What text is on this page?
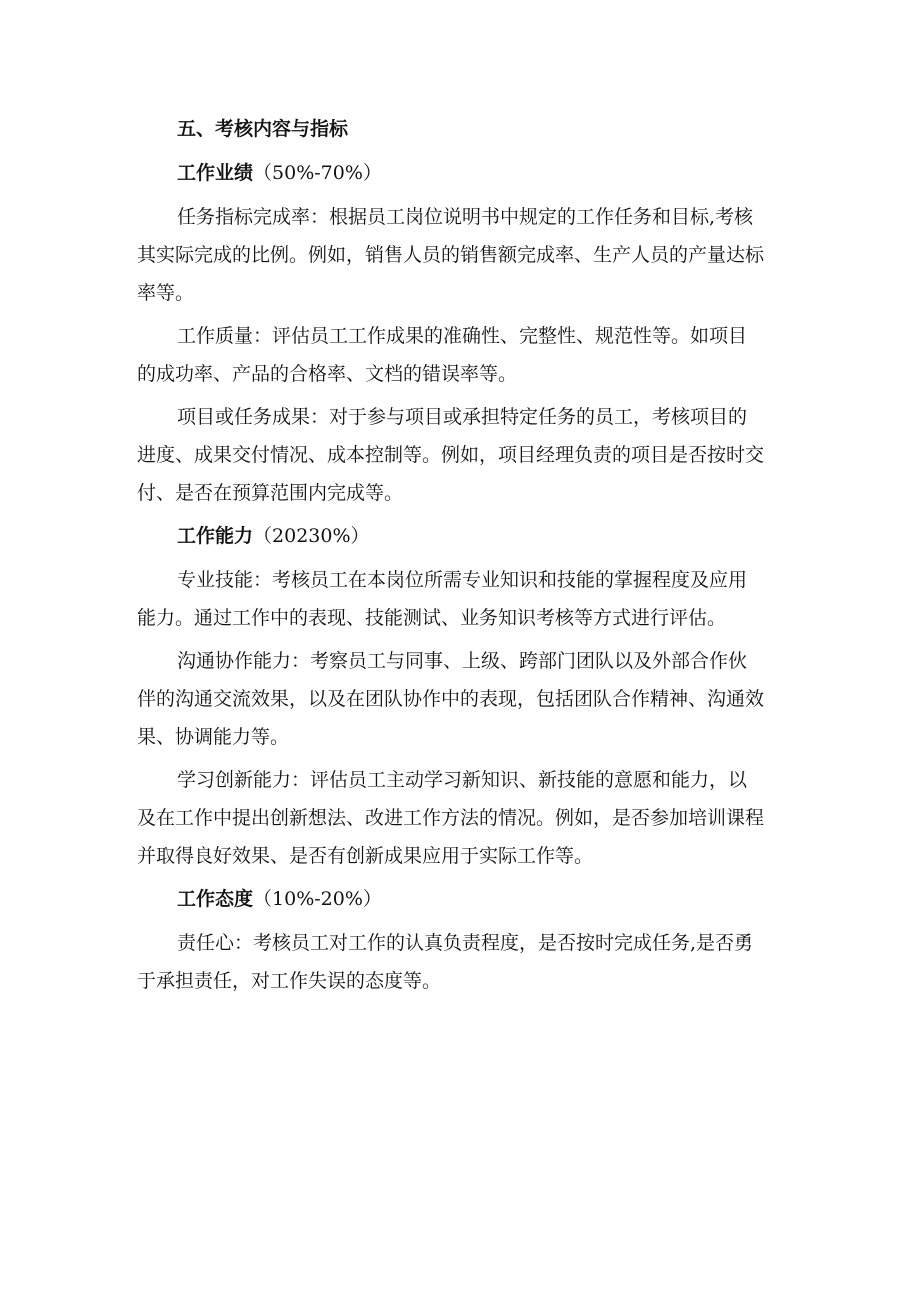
五、考核内容与指标
工作业绩（50%-70%）
任务指标完成率：根据员工岗位说明书中规定的工作任务和目标,考核
其实际完成的比例。例如，销售人员的销售额完成率、生产人员的产量达标
率等。
工作质量：评估员工工作成果的准确性、完整性、规范性等。如项目
的成功率、产品的合格率、文档的错误率等。
项目或任务成果：对于参与项目或承担特定任务的员工，考核项目的
进度、成果交付情况、成本控制等。例如，项目经理负责的项目是否按时交
付、是否在预算范围内完成等。
工作能力（20230%）
专业技能：考核员工在本岗位所需专业知识和技能的掌握程度及应用
能力。通过工作中的表现、技能测试、业务知识考核等方式进行评估。
沟通协作能力：考察员工与同事、上级、跨部门团队以及外部合作伙
伴的沟通交流效果，以及在团队协作中的表现，包括团队合作精神、沟通效
果、协调能力等。
学习创新能力：评估员工主动学习新知识、新技能的意愿和能力，以
及在工作中提出创新想法、改进工作方法的情况。例如，是否参加培训课程
并取得良好效果、是否有创新成果应用于实际工作等。
工作态度（10%-20%）
责任心：考核员工对工作的认真负责程度，是否按时完成任务,是否勇
于承担责任，对工作失误的态度等。
